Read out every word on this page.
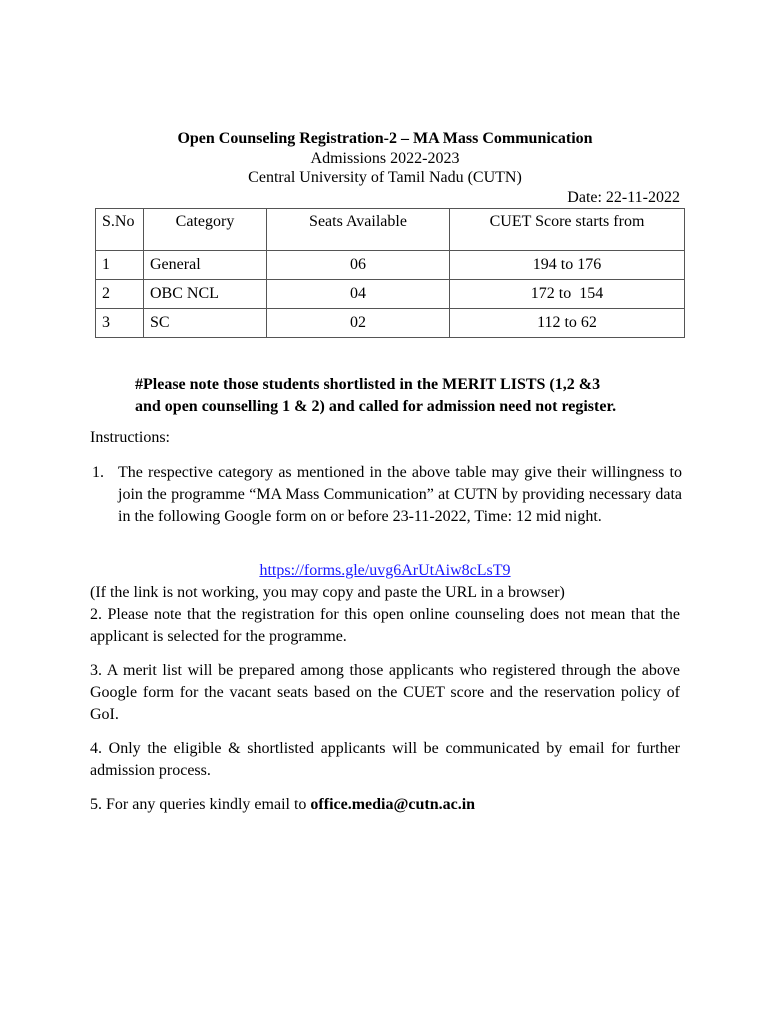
Open Counseling Registration-2 – MA Mass Communication
Admissions 2022-2023
Central University of Tamil Nadu (CUTN)
Date: 22-11-2022
S.No	Category	Seats Available	CUET Score starts from
1	General	06	194 to 176
2	OBC NCL	04	172 to  154
3	SC	02	112 to 62
#Please note those students shortlisted in the MERIT LISTS (1,2 &3
and open counselling 1 & 2) and called for admission need not register.
Instructions:
1. The respective category as mentioned in the above table may give their willingness to join the programme “MA Mass Communication” at CUTN by providing necessary data in the following Google form on or before 23-11-2022, Time: 12 mid night.
https://forms.gle/uvg6ArUtAiw8cLsT9
(If the link is not working, you may copy and paste the URL in a browser)
2. Please note that the registration for this open online counseling does not mean that the applicant is selected for the programme.
3. A merit list will be prepared among those applicants who registered through the above Google form for the vacant seats based on the CUET score and the reservation policy of GoI.
4. Only the eligible & shortlisted applicants will be communicated by email for further admission process.
5. For any queries kindly email to office.media@cutn.ac.in
